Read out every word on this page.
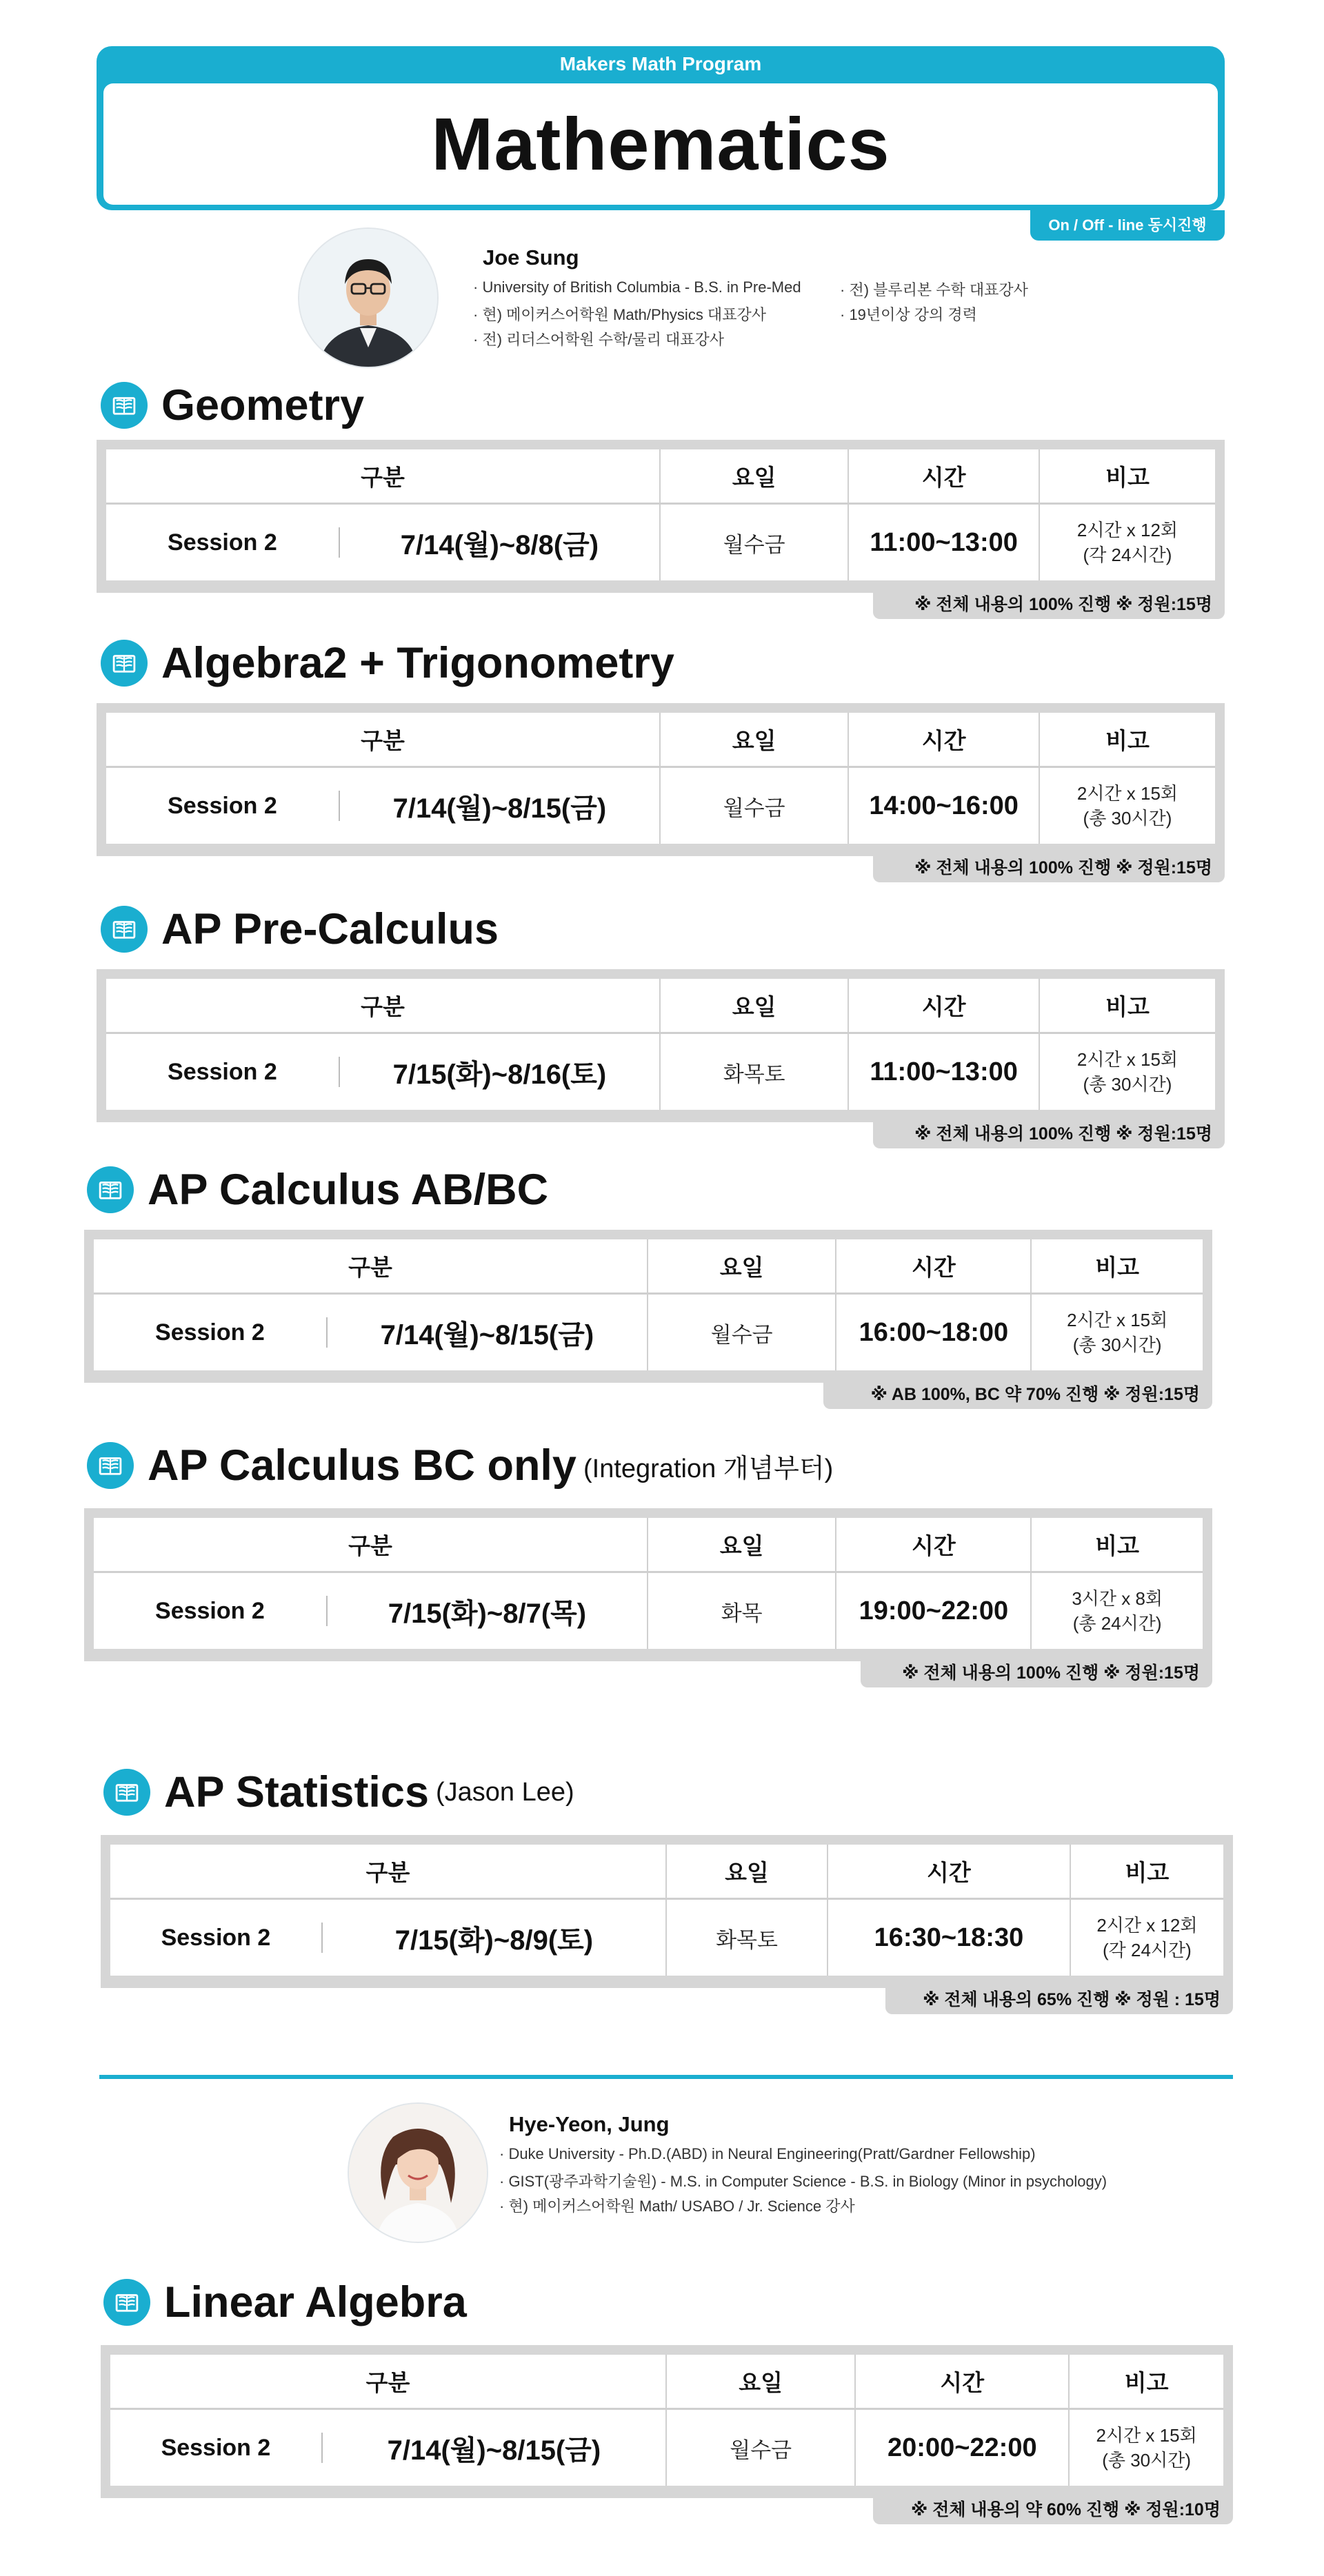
Makers Math Program
Mathematics
On / Off - line 동시진행
Joe Sung
· University of British Columbia - B.S. in Pre-Med
· 현) 메이커스어학원 Math/Physics 대표강사
· 전) 리더스어학원 수학/물리 대표강사
· 전) 블루리본 수학 대표강사
· 19년이상 강의 경력
Geometry
구분	요일	시간	비고
Session 2	7/14(월)~8/8(금)	월수금	11:00~13:00	2시간 x 12회
(각 24시간)
※ 전체 내용의 100% 진행 ※ 정원:15명
Algebra2 + Trigonometry
구분	요일	시간	비고
Session 2	7/14(월)~8/15(금)	월수금	14:00~16:00	2시간 x 15회
(총 30시간)
※ 전체 내용의 100% 진행 ※ 정원:15명
AP Pre-Calculus
구분	요일	시간	비고
Session 2	7/15(화)~8/16(토)	화목토	11:00~13:00	2시간 x 15회
(총 30시간)
※ 전체 내용의 100% 진행 ※ 정원:15명
AP Calculus AB/BC
구분	요일	시간	비고
Session 2	7/14(월)~8/15(금)	월수금	16:00~18:00	2시간 x 15회
(총 30시간)
※ AB 100%, BC 약 70% 진행 ※ 정원:15명
AP Calculus BC only (Integration 개념부터)
구분	요일	시간	비고
Session 2	7/15(화)~8/7(목)	화목	19:00~22:00	3시간 x 8회
(총 24시간)
※ 전체 내용의 100% 진행 ※ 정원:15명
AP Statistics (Jason Lee)
구분	요일	시간	비고
Session 2	7/15(화)~8/9(토)	화목토	16:30~18:30	2시간 x 12회
(각 24시간)
※ 전체 내용의 65% 진행 ※ 정원 : 15명
Hye-Yeon, Jung
· Duke University - Ph.D.(ABD) in Neural Engineering(Pratt/Gardner Fellowship)
· GIST(광주과학기술원) - M.S. in Computer Science - B.S. in Biology (Minor in psychology)
· 현) 메이커스어학원 Math/ USABO / Jr. Science 강사
Linear Algebra
구분	요일	시간	비고
Session 2	7/14(월)~8/15(금)	월수금	20:00~22:00	2시간 x 15회
(총 30시간)
※ 전체 내용의 약 60% 진행 ※ 정원:10명
